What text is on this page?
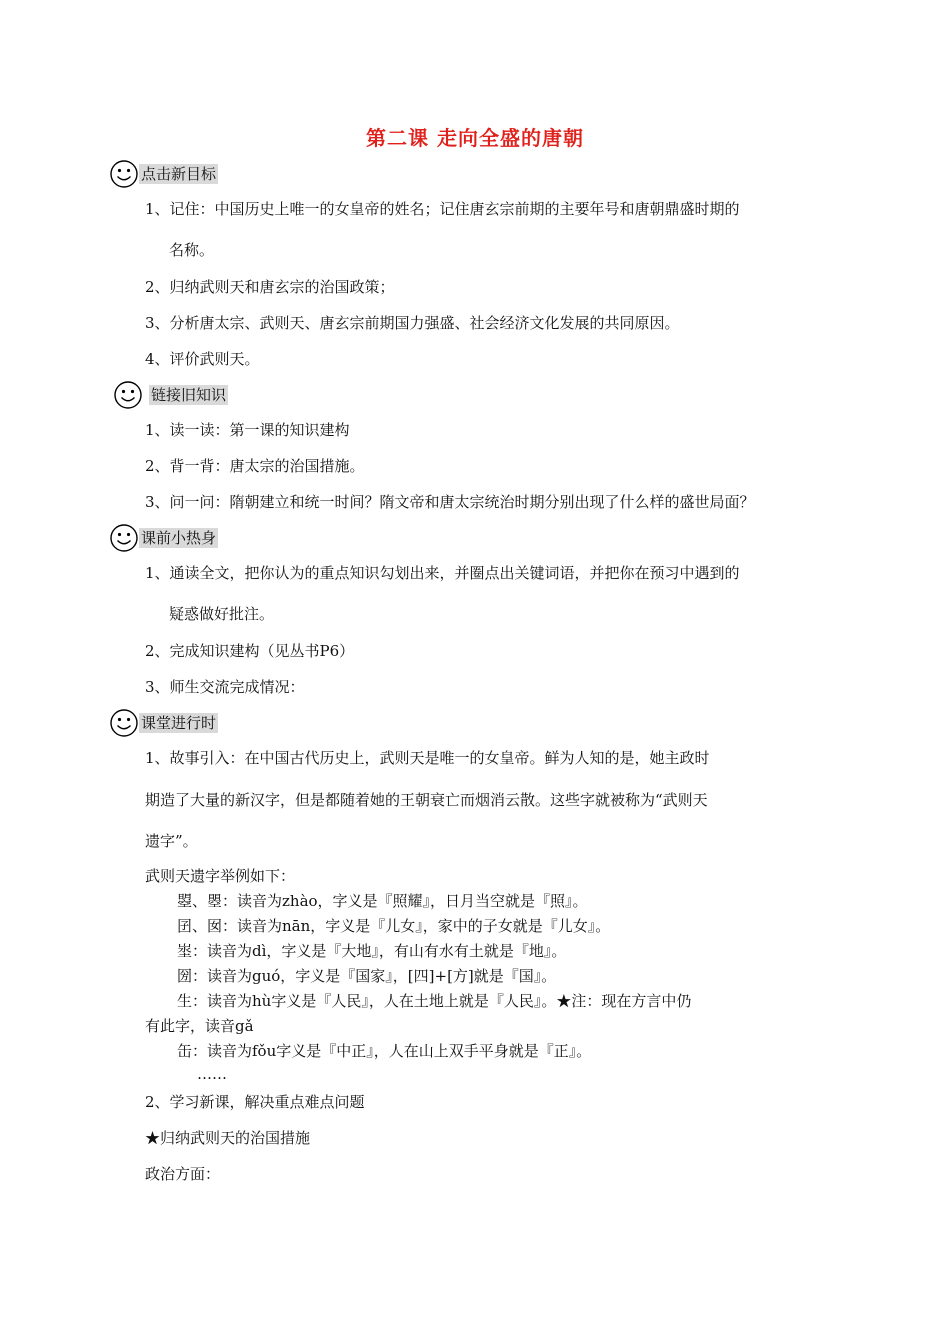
第二课 走向全盛的唐朝
点击新目标
1、记住：中国历史上唯一的女皇帝的姓名；记住唐玄宗前期的主要年号和唐朝鼎盛时期的
名称。
2、归纳武则天和唐玄宗的治国政策；
3、分析唐太宗、武则天、唐玄宗前期国力强盛、社会经济文化发展的共同原因。
4、评价武则天。
链接旧知识
1、读一读：第一课的知识建构
2、背一背：唐太宗的治国措施。
3、问一问：隋朝建立和统一时间？隋文帝和唐太宗统治时期分别出现了什么样的盛世局面？
课前小热身
1、通读全文，把你认为的重点知识勾划出来，并圈点出关键词语，并把你在预习中遇到的
疑惑做好批注。
2、完成知识建构（见丛书P6）
3、师生交流完成情况：
课堂进行时
1、故事引入：在中国古代历史上，武则天是唯一的女皇帝。鲜为人知的是，她主政时
期造了大量的新汉字，但是都随着她的王朝衰亡而烟消云散。这些字就被称为“武则天
遗字”。
武则天遗字举例如下：
曌、瞾：读音为zhào，字义是『照耀』，日月当空就是『照』。
囝、囡：读音为nān，字义是『儿女』，家中的子女就是『儿女』。
埊：读音为dì，字义是『大地』，有山有水有土就是『地』。
圀：读音为guó，字义是『国家』，[四]+[方]就是『国』。
生：读音为hù字义是『人民』，人在土地上就是『人民』。★注：现在方言中仍
有此字，读音gǎ
缶：读音为fǒu字义是『中正』，人在山上双手平身就是『正』。
……
2、学习新课，解决重点难点问题
★归纳武则天的治国措施
政治方面：
